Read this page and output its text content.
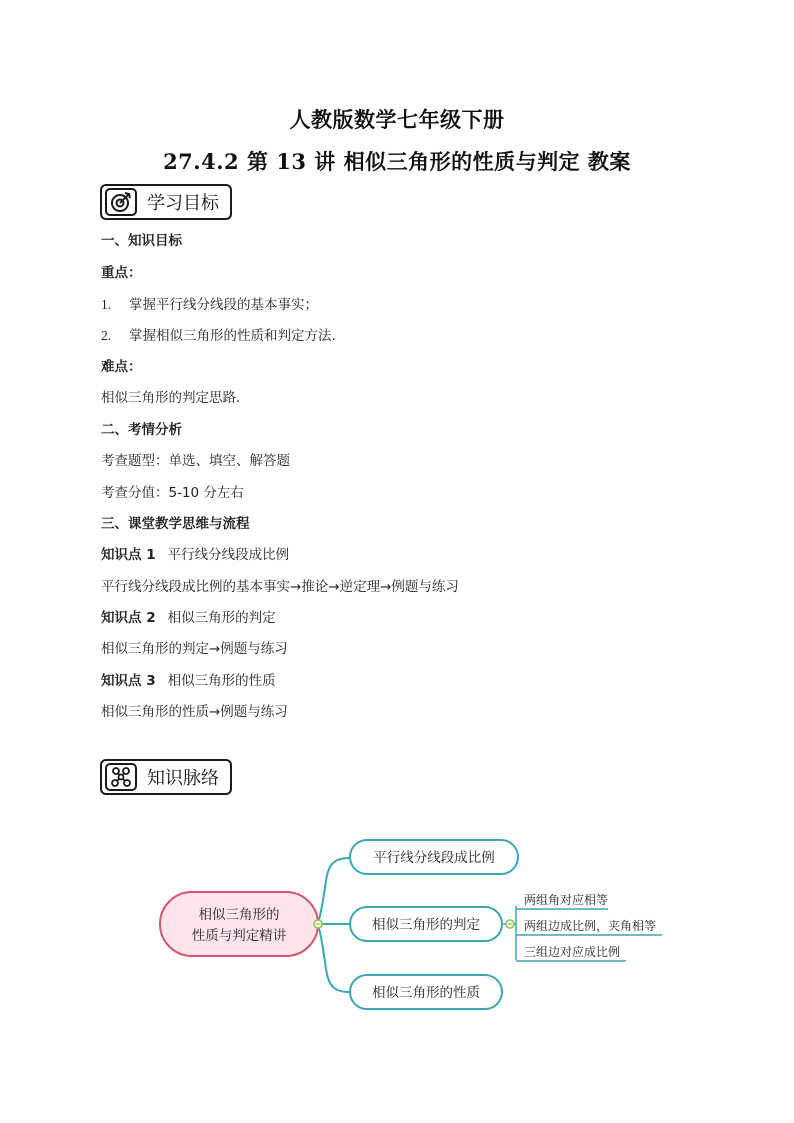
人教版数学七年级下册
27.4.2 第 13 讲 相似三角形的性质与判定 教案
学习目标
一、知识目标
重点：
1. 掌握平行线分线段的基本事实；
2. 掌握相似三角形的性质和判定方法.
难点：
相似三角形的判定思路.
二、考情分析
考查题型：单选、填空、解答题
考查分值：5-10 分左右
三、课堂教学思维与流程
知识点 1 平行线分线段成比例
平行线分线段成比例的基本事实→推论→逆定理→例题与练习
知识点 2 相似三角形的判定
相似三角形的判定→例题与练习
知识点 3 相似三角形的性质
相似三角形的性质→例题与练习
知识脉络
相似三角形的
性质与判定精讲
平行线分线段成比例
相似三角形的判定
相似三角形的性质
两组角对应相等
两组边成比例，夹角相等
三组边对应成比例
